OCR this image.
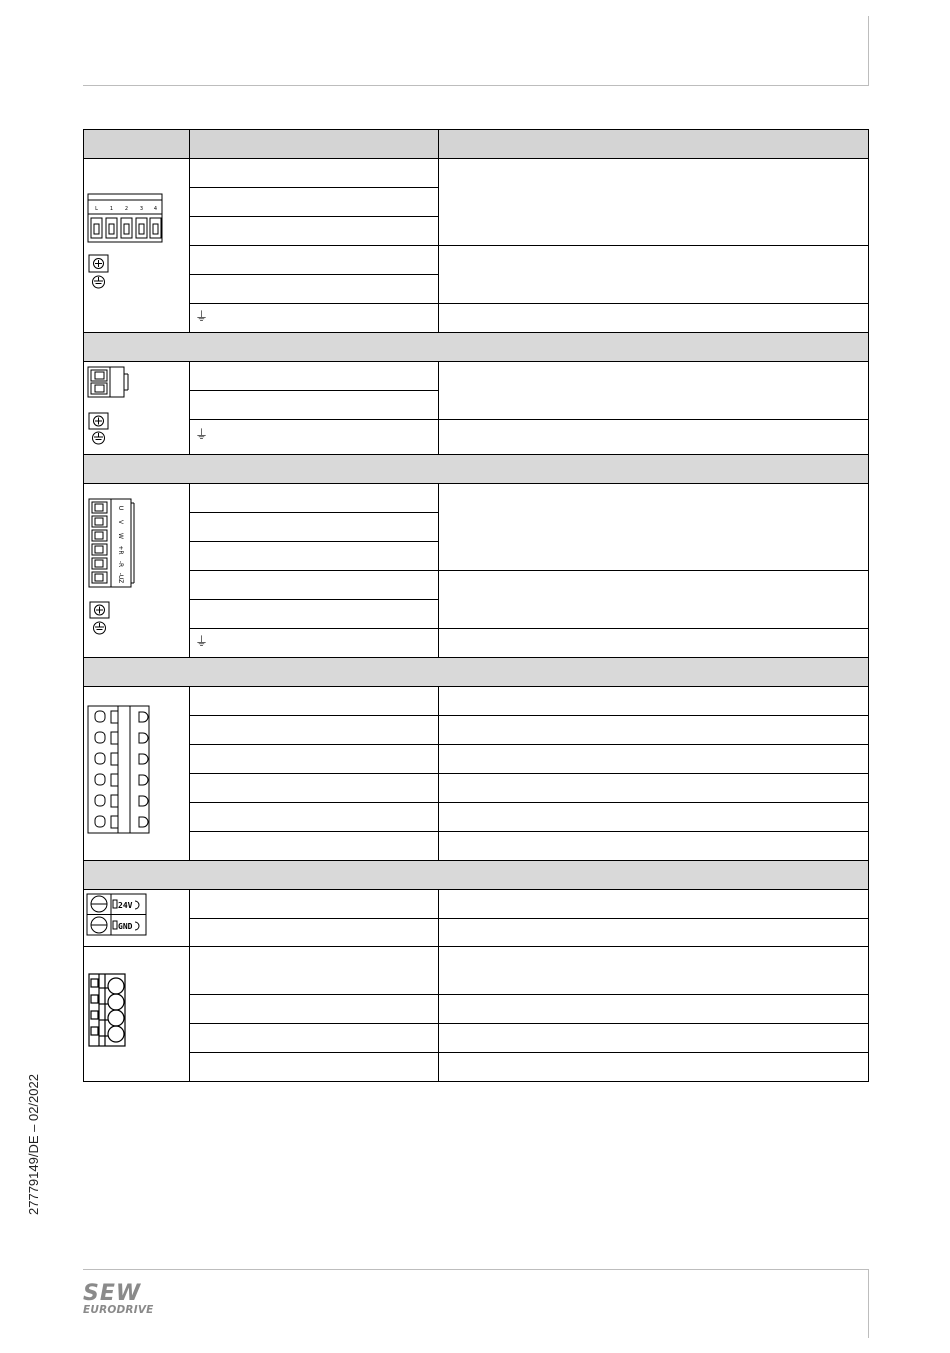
⏚
⏚
⏚
L 1 2 3 4
U
V
W
+R
-R
-UZ
24V
GND
27779149/DE – 02/2022
SEW
EURODRIVE
